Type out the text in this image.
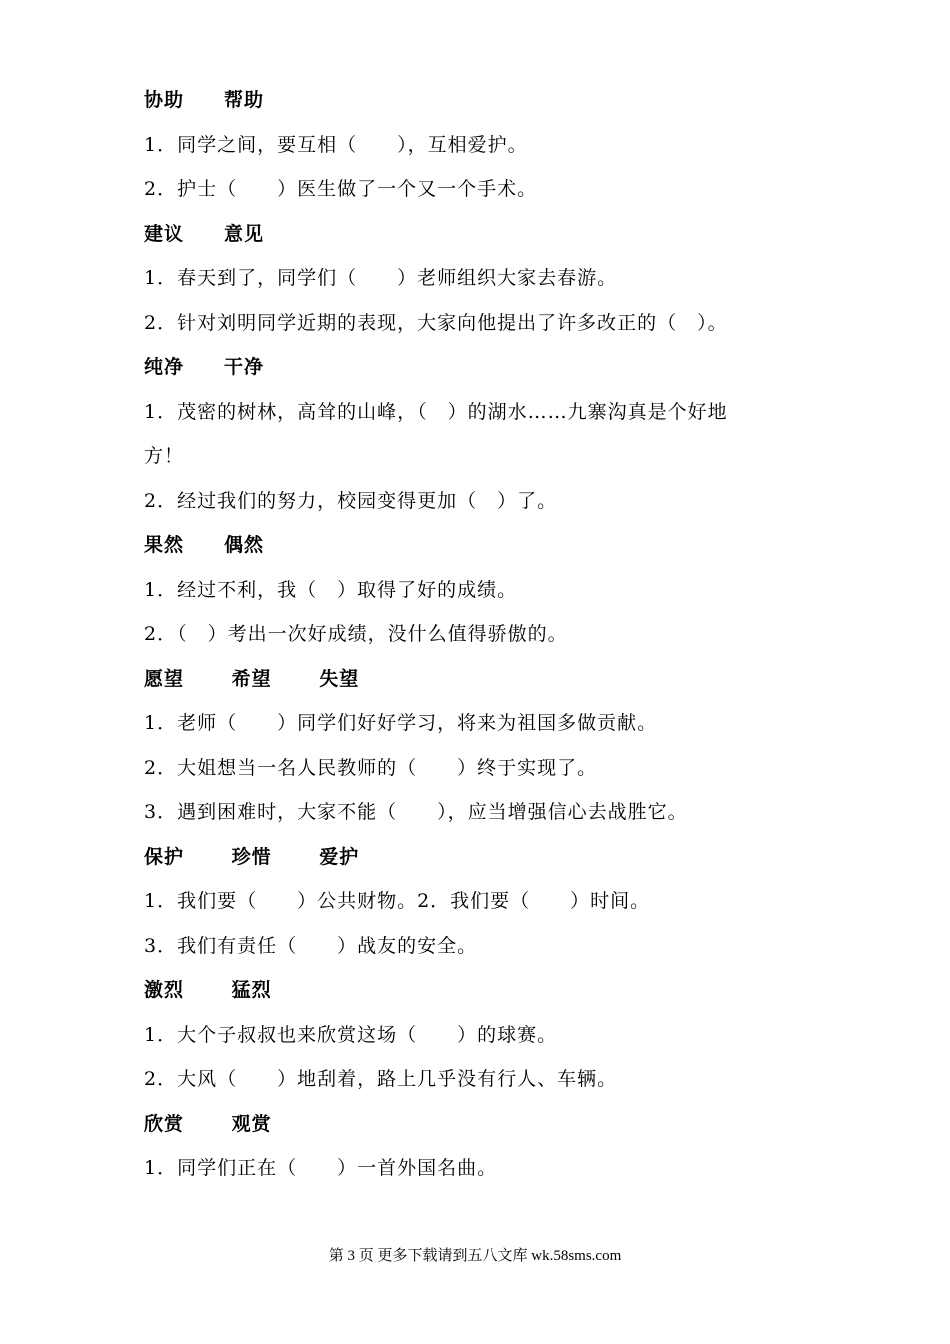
协助　　帮助
1．同学之间，要互相（　　），互相爱护。
2．护士（　　）医生做了一个又一个手术。
建议　　意见
1．春天到了，同学们（　　）老师组织大家去春游。
2．针对刘明同学近期的表现，大家向他提出了许多改正的（　）。
纯净　　干净
1．茂密的树林，高耸的山峰，（　）的湖水……九寨沟真是个好地
方！
2．经过我们的努力，校园变得更加（　）了。
果然　　偶然
1．经过不利，我（　）取得了好的成绩。
2．（　）考出一次好成绩，没什么值得骄傲的。
愿望　　 希望　　 失望
1．老师（　　）同学们好好学习，将来为祖国多做贡献。
2．大姐想当一名人民教师的（　　）终于实现了。
3．遇到困难时，大家不能（　　），应当增强信心去战胜它。
保护　　 珍惜　　 爱护
1．我们要（　　）公共财物。2．我们要（　　）时间。
3．我们有责任（　　）战友的安全。
激烈　　 猛烈
1．大个子叔叔也来欣赏这场（　　）的球赛。
2．大风（　　）地刮着，路上几乎没有行人、车辆。
欣赏　　 观赏
1．同学们正在（　　）一首外国名曲。
第 3 页 更多下载请到五八文库 wk.58sms.com
